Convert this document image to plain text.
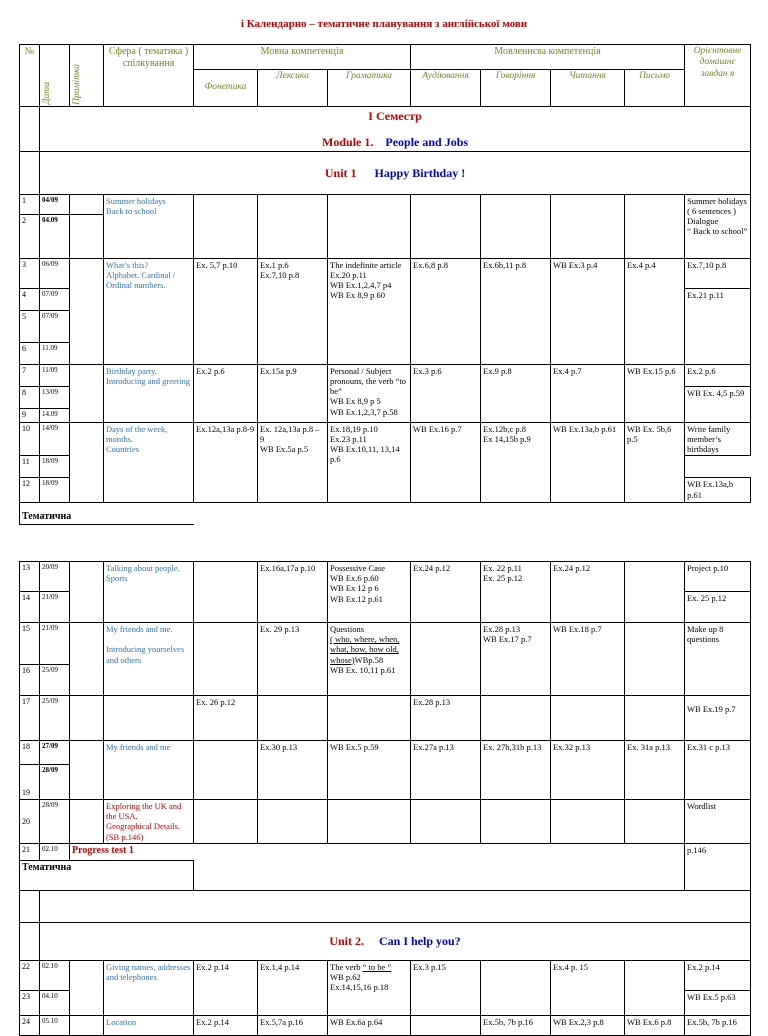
і Календарно – тематичне планування з англійської мови
№	Дата	Примітка	Сфера ( тематика ) спілкування	Мовна компетенція			Мовленнєва компетенція				Орієнтовне домашнє завдан я
				Фонетика	Лексика	Граматика	Аудіювання	Говоріння	Читання	Письмо	

	І Семестр
Module 1. People and Jobs										

	Unit 1 Happy Birthday !										
1	04/09		Summer holidays
Back to school								Summer holidays ( 6 sentences )
Dialogue
“ Back to school”
2	04.09										
3	06/09		What’s this?
Alphabet. Cardinal / Ordinal numbers.	Ex. 5,7 p.10	Ex.1 p.6
Ex.7,10 p.8	The indefinite article
Ex.20 p.11
WB Ex.1,2,4,7 p4
WB Ex 8,9 p 60	Ex.6,8 p.8	Ex.6b,11 p.8	WB Ex.3 p.4	Ex.4 p.4	Ex.7,10 p.8
4	07/09										Ex.21 p.11
5	07/09										
6	11.09										
7	11/09		Birthday party.
Introducing and greeting	Ex.2 p.6	Ex.15a p.9	Personal / Subject pronouns, the verb “to be”
WB Ex 8,9 p 5
WB Ex.1,2,3,7 p.58	Ex.3 p.6	Ex.9 p.8	Ex.4 p.7	WB Ex.15 p.6	Ex.2 p.6
8	13/09										WB Ex. 4,5 p.59
9	14.09										
10	14/09		Days of the week, months.
Countries	Ex.12a,13a p.8-9	Ex. 12a,13a p.8 – 9
WB Ex.5a p.5	Ex.18,19 p.10
Ex.23 p.11
WB Ex.10,11, 13,14 p.6	WB Ex.16 p.7	Ex.12b,c p.8
Ex 14,15b p.9	WB Ex.13a,b p.61	WB Ex. 5b,6 p.5	Write family member’s birthdays
11	18/09										
12	18/09										WB Ex.13a,b p.61
Тематична											
13	20/09		Talking about people.
Sports		Ex.16a,17a p.10	Possessive Case
WB Ex.6 p.60
WB Ex 12 p 6
WB Ex.12 p.61	Ex.24 p.12	Ex. 22 p.11
Ex. 25 p.12	Ex.24 p.12		Project p.10
14	21/09										Ex. 25 p.12
15	21/09		My friends and me.

Introducing yourselves and others		Ex. 29 p.13	Questions
( who, where, when, what, how, how old, whose)WBp.58
WB Ex. 10,11 p.61		Ex.28 p.13
WB Ex.17 p.7	WB Ex.18 p.7		Make up 8 questions
16	25/09										
17	25/09			Ex. 26 p.12			Ex.28 p.13				WB Ex.19 p.7
18	27/09		My friends and me		Ex.30 p.13	WB Ex.5 p.59	Ex.27a p.13	Ex. 27b,31b p.13	Ex.32 p.13	Ex. 31a p.13	Ex.31 c p.13
19	28/09										
20	28/09		Exploring the UK and the USA.
Geographical Details.
(SB p.146)								Wordlist
21	02.10	Progress test 1									p.146
Тематична											

	Unit 2. Can I help you?										
22	02.10		Giving names, addresses and telephones	Ex.2 p.14	Ex.1,4 p.14	The verb “ to be ”
WB p.62
Ex.14,15,16 p.18	Ex.3 p.15		Ex.4 p. 15		Ex.2 p.14
23	04.10										WB Ex.5 p.63
24	05.10		Location	Ex.2 p.14	Ex.5,7a p.16	WB Ex.6a p.64		Ex.5b, 7b p.16	WB Ex.2,3 p.8	WB Ex.6 p.8	Ex.5b, 7b p.16
